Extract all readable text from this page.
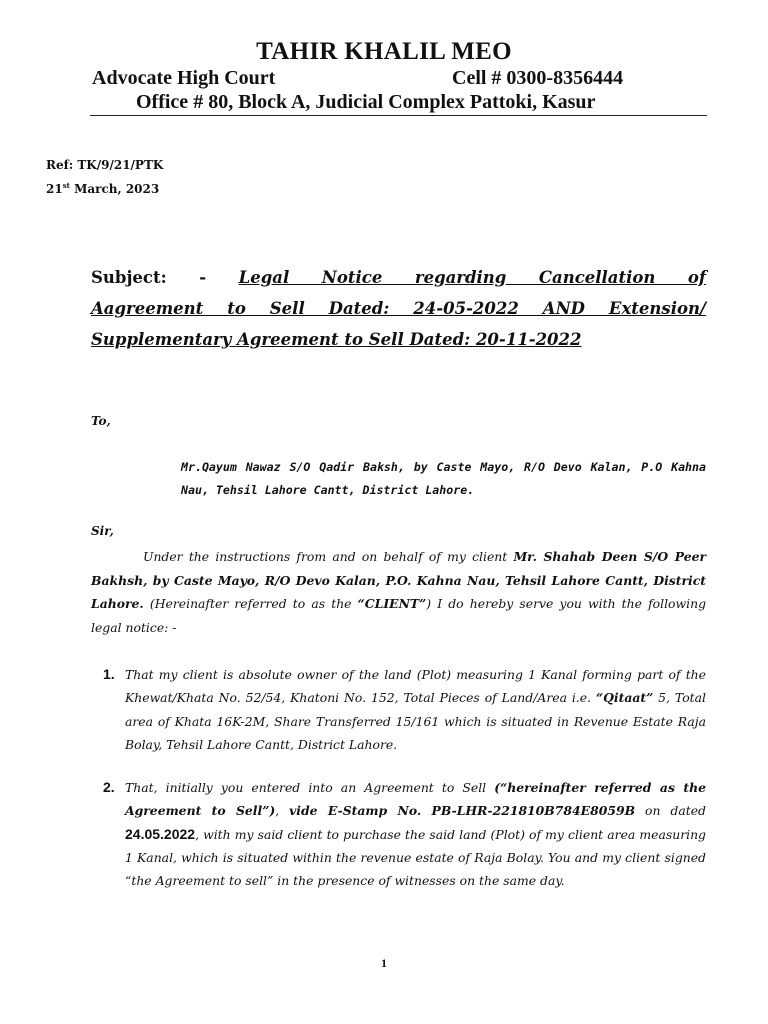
TAHIR KHALIL MEO
Advocate High Court	Cell # 0300-8356444
Office # 80, Block A, Judicial Complex Pattoki, Kasur
Ref: TK/9/21/PTK
21st March, 2023
Subject: - Legal Notice regarding Cancellation of
Aagreement to Sell Dated: 24-05-2022 AND Extension/
Supplementary Agreement to Sell Dated: 20-11-2022
To,
Mr.Qayum Nawaz S/O Qadir Baksh, by Caste Mayo, R/O Devo Kalan, P.O Kahna Nau, Tehsil Lahore Cantt, District Lahore.
Sir,
Under the instructions from and on behalf of my client Mr. Shahab Deen S/O Peer Bakhsh, by Caste Mayo, R/O Devo Kalan, P.O. Kahna Nau, Tehsil Lahore Cantt, District Lahore. (Hereinafter referred to as the “CLIENT”) I do hereby serve you with the following legal notice: -
1. That my client is absolute owner of the land (Plot) measuring 1 Kanal forming part of the Khewat/Khata No. 52/54, Khatoni No. 152, Total Pieces of Land/Area i.e. “Qitaat” 5, Total area of Khata 16K-2M, Share Transferred 15/161 which is situated in Revenue Estate Raja Bolay, Tehsil Lahore Cantt, District Lahore.
2. That, initially you entered into an Agreement to Sell (“hereinafter referred as the Agreement to Sell”), vide E-Stamp No. PB-LHR-221810B784E8059B on dated 24.05.2022, with my said client to purchase the said land (Plot) of my client area measuring 1 Kanal, which is situated within the revenue estate of Raja Bolay. You and my client signed “the Agreement to sell” in the presence of witnesses on the same day.
1
